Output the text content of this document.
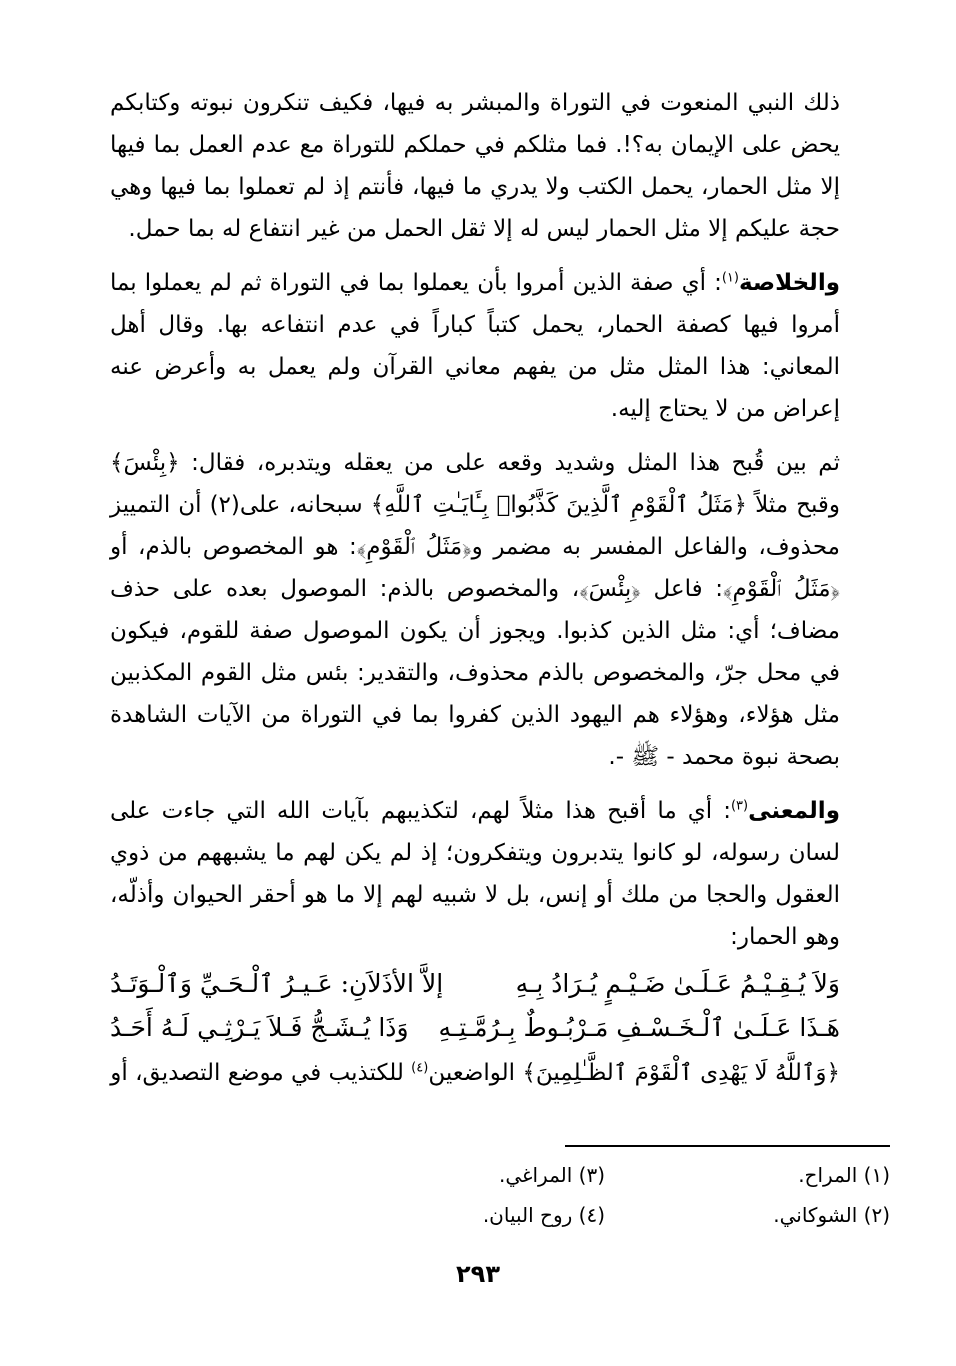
ذلك النبي المنعوت في التوراة والمبشر به فيها، فكيف تنكرون نبوته وكتابكم يحض على الإيمان به؟!. فما مثلكم في حملكم للتوراة مع عدم العمل بما فيها إلا مثل الحمار، يحمل الكتب ولا يدري ما فيها، فأنتم إذ لم تعملوا بما فيها وهي حجة عليكم إلا مثل الحمار ليس له إلا ثقل الحمل من غير انتفاع له بما حمل.

والخلاصة$^{(١)}$: أي صفة الذين أمروا بأن يعملوا بما في التوراة ثم لم يعملوا بما أمروا فيها كصفة الحمار، يحمل كتباً كباراً في عدم انتفاعه بها. وقال أهل المعاني: هذا المثل مثل من يفهم معاني القرآن ولم يعمل به وأعرض عنه إعراض من لا يحتاج إليه.

ثم بين قُبح هذا المثل وشديد وقعه على من يعقله ويتدبره، فقال: ﴿بِئْسَ﴾ وقبح مثلاً ﴿مَثَلُ ٱلْقَوْمِ ٱلَّذِينَ كَذَّبُوا۟ بِـَٔايَـٰتِ ٱللَّهِ﴾ سبحانه، على(٢) أن التمييز محذوف، والفاعل المفسر به مضمر و﴿مَثَلُ ٱلْقَوْمِ﴾: هو المخصوص بالذم، أو ﴿مَثَلُ ٱلْقَوْمِ﴾: فاعل ﴿بِئْسَ﴾، والمخصوص بالذم: الموصول بعده على حذف مضاف؛ أي: مثل الذين كذبوا. ويجوز أن يكون الموصول صفة للقوم، فيكون في محل جرّ، والمخصوص بالذم محذوف، والتقدير: بئس مثل القوم المكذبين مثل هؤلاء، وهؤلاء هم اليهود الذين كفروا بما في التوراة من الآيات الشاهدة بصحة نبوة محمد - ﷺ -.

والمعنى$^{(٣)}$: أي ما أقبح هذا مثلاً لهم، لتكذيبهم بآيات الله التي جاءت على لسان رسوله، لو كانوا يتدبرون ويتفكرون؛ إذ لم يكن لهم ما يشبههم من ذوي العقول والحجا من ملك أو إنس، بل لا شبيه لهم إلا ما هو أحقر الحيوان وأذلّه، وهو الحمار:

وَلاَ يُـقِـيْـمُ عَـلَـىٰ ضَـيْـمٍ يُـرَادُ بِـهِ
إلاَّ الأذَلاَنِ: عَـيـرُ ٱلْـحَـيِّ وَٱلْـوَتَـدُ
هَـذَا عَـلَـىٰ ٱلْـخَـسْـفِ مَـرْبُـوطٌ بِـرُمَّـتِـهِ
وَذَا يُـشَـجُّ فَـلاَ يَـرْثِـي لَـهُ أَحَـدُ

﴿وَٱللَّهُ لَا يَهْدِى ٱلْقَوْمَ ٱلظَّـٰلِمِينَ﴾ الواضعين$^{(٤)}$ للكتذيب في موضع التصديق، أو

(١) المراح.
(٣) المراغي.
(٢) الشوكاني.
(٤) روح البيان.
٢٩٣
